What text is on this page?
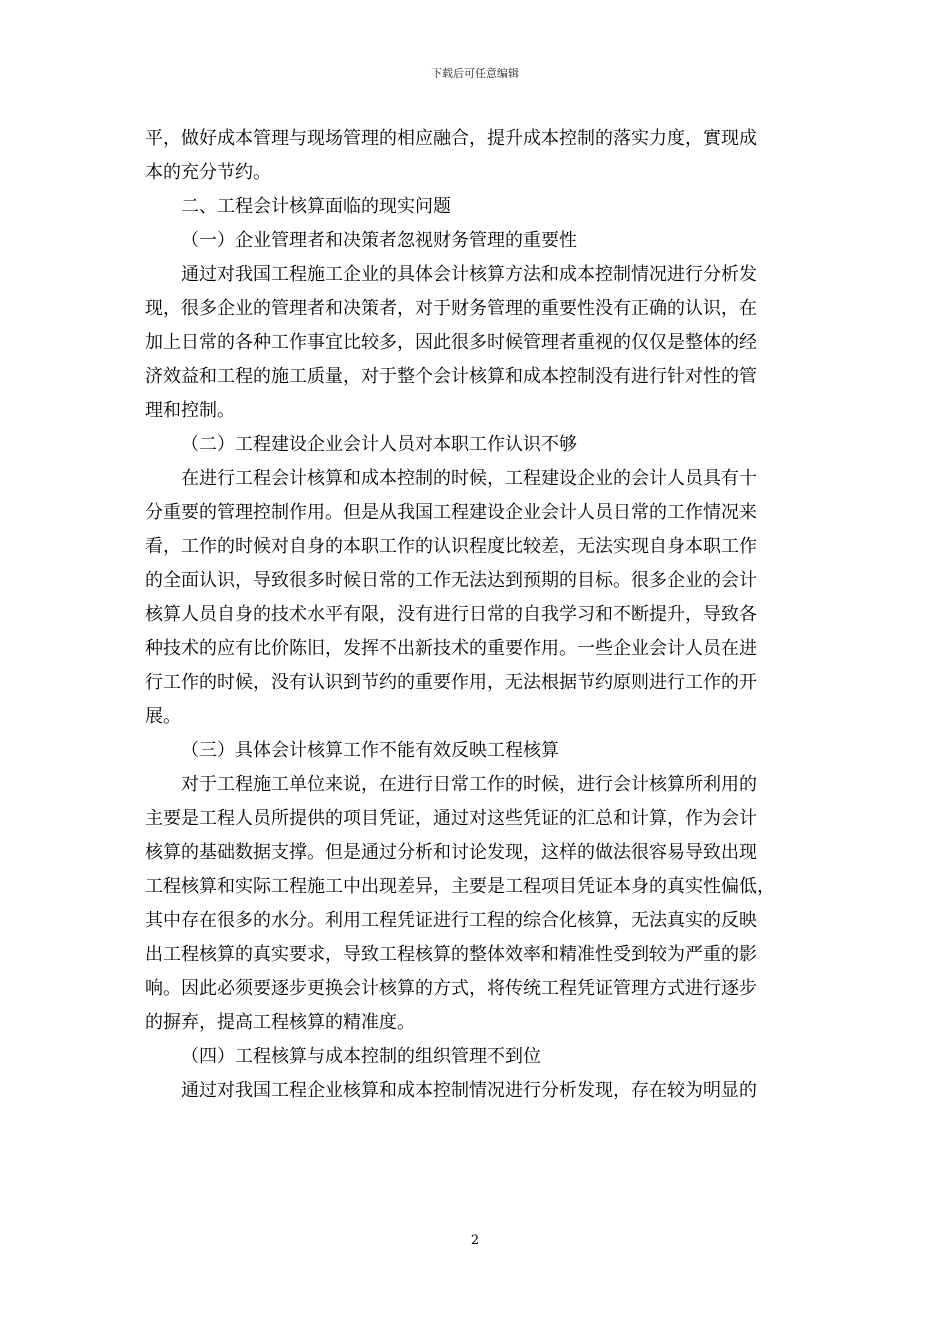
下载后可任意编辑

平，做好成本管理与现场管理的相应融合，提升成本控制的落实力度，實现成
本的充分节约。

二、工程会计核算面临的现实问题

（一）企业管理者和决策者忽视财务管理的重要性

通过对我国工程施工企业的具体会计核算方法和成本控制情况进行分析发
现，很多企业的管理者和决策者，对于财务管理的重要性没有正确的认识，在
加上日常的各种工作事宜比较多，因此很多时候管理者重视的仅仅是整体的经
济效益和工程的施工质量，对于整个会计核算和成本控制没有进行针对性的管
理和控制。

（二）工程建设企业会计人员对本职工作认识不够

在进行工程会计核算和成本控制的时候，工程建设企业的会计人员具有十
分重要的管理控制作用。但是从我国工程建设企业会计人员日常的工作情况来
看，工作的时候对自身的本职工作的认识程度比较差，无法实现自身本职工作
的全面认识，导致很多时候日常的工作无法达到预期的目标。很多企业的会计
核算人员自身的技术水平有限，没有进行日常的自我学习和不断提升，导致各
种技术的应有比价陈旧，发挥不出新技术的重要作用。一些企业会计人员在进
行工作的时候，没有认识到节约的重要作用，无法根据节约原则进行工作的开
展。

（三）具体会计核算工作不能有效反映工程核算

对于工程施工单位来说，在进行日常工作的时候，进行会计核算所利用的
主要是工程人员所提供的项目凭证，通过对这些凭证的汇总和计算，作为会计
核算的基础数据支撑。但是通过分析和讨论发现，这样的做法很容易导致出现
工程核算和实际工程施工中出现差异，主要是工程项目凭证本身的真实性偏低，
其中存在很多的水分。利用工程凭证进行工程的综合化核算，无法真实的反映
出工程核算的真实要求，导致工程核算的整体效率和精准性受到较为严重的影
响。因此必须要逐步更换会计核算的方式，将传统工程凭证管理方式进行逐步
的摒弃，提高工程核算的精准度。

（四）工程核算与成本控制的组织管理不到位

通过对我国工程企业核算和成本控制情况进行分析发现，存在较为明显的

2
